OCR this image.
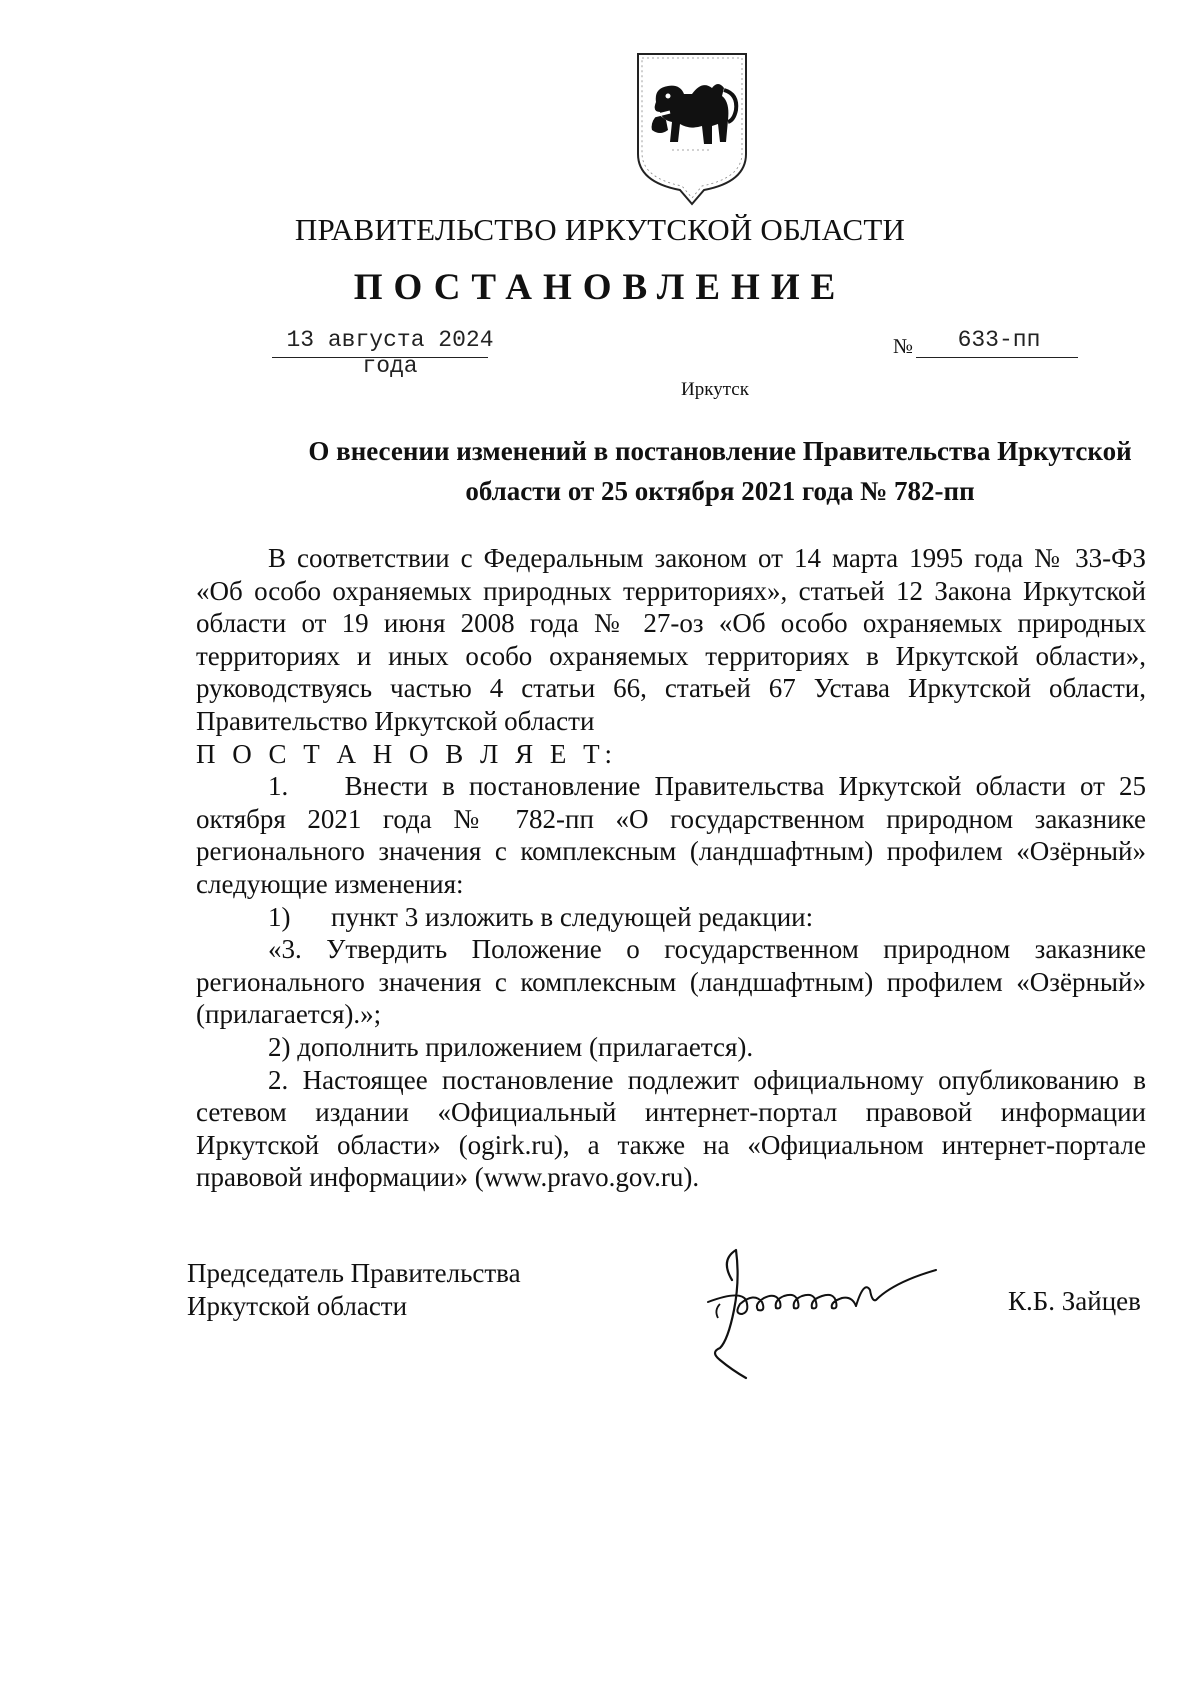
ПРАВИТЕЛЬСТВО ИРКУТСКОЙ ОБЛАСТИ
ПОСТАНОВЛЕНИЕ
13 августа 2024 года
№	633-пп
Иркутск
О внесении изменений в постановление Правительства Иркутской
области от 25 октября 2021 года № 782-пп

В соответствии с Федеральным законом от 14 марта 1995 года № 33-ФЗ «Об особо охраняемых природных территориях», статьей 12 Закона Иркутской области от 19 июня 2008 года № 27-оз «Об особо охраняемых природных территориях и иных особо охраняемых территориях в Иркутской области», руководствуясь частью 4 статьи 66, статьей 67 Устава Иркутской области, Правительство Иркутской области

П О С Т А Н О В Л Я Е Т:

1.    Внести в постановление Правительства Иркутской области от 25 октября 2021 года № 782-пп «О государственном природном заказнике регионального значения с комплексным (ландшафтным) профилем «Озёрный» следующие изменения:

1)      пункт 3 изложить в следующей редакции:

«3. Утвердить Положение о государственном природном заказнике регионального значения с комплексным (ландшафтным) профилем «Озёрный» (прилагается).»;

2) дополнить приложением (прилагается).

2. Настоящее постановление подлежит официальному опубликованию в сетевом издании «Официальный интернет-портал правовой информации Иркутской области» (ogirk.ru), а также на «Официальном интернет-портале правовой информации» (www.pravo.gov.ru).

Председатель Правительства
Иркутской области	К.Б. Зайцев
